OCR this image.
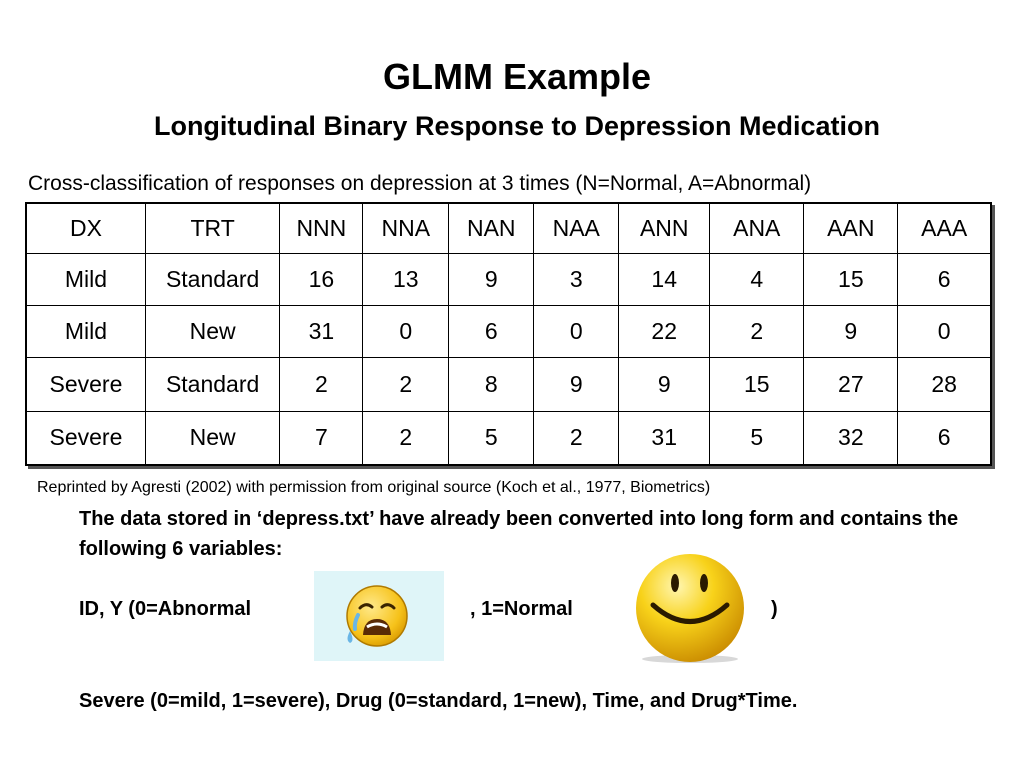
GLMM Example
Longitudinal Binary Response to Depression Medication
Cross-classification of responses on depression at 3 times (N=Normal, A=Abnormal)
DX	TRT	NNN	NNA	NAN	NAA	ANN	ANA	AAN	AAA
Mild	Standard	16	13	9	3	14	4	15	6
Mild	New	31	0	6	0	22	2	9	0
Severe	Standard	2	2	8	9	9	15	27	28
Severe	New	7	2	5	2	31	5	32	6
Reprinted by Agresti (2002) with permission from original source (Koch et al., 1977, Biometrics)
The data stored in ‘depress.txt’ have already been converted into long form and contains the following 6 variables:
ID, Y (0=Abnormal	, 1=Normal	)
Severe (0=mild, 1=severe), Drug (0=standard, 1=new), Time, and Drug*Time.
